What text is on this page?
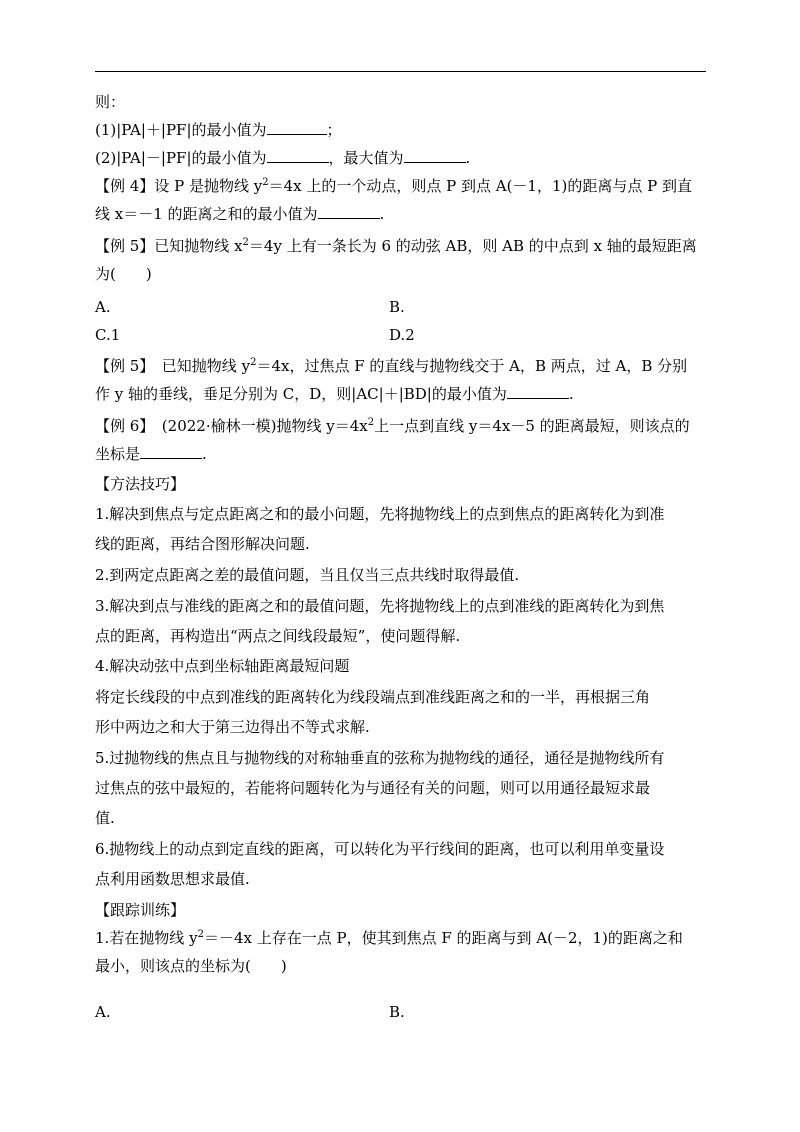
则：
(1)|PA|＋|PF|的最小值为	；
(2)|PA|－|PF|的最小值为	，最大值为	.
【例 4】设 P 是抛物线 $y^2=4x$ 上的一个动点，则点 P 到点 A(－1，1)的距离与点 P 到直
线 x＝－1 的距离之和的最小值为	.
【例 5】已知抛物线 $x^2=4y$ 上有一条长为 6 的动弦 AB，则 AB 的中点到 x 轴的最短距离
为(　　)
A.	B.
C.1	D.2
【例 5】　已知抛物线 $y^2=4x$，过焦点 F 的直线与抛物线交于 A，B 两点，过 A，B 分别
作 y 轴的垂线，垂足分别为 C，D，则|AC|＋|BD|的最小值为	.
【例 6】　(2022·榆林一模)抛物线 $y=4x^2$上一点到直线 y＝4x－5 的距离最短，则该点的
坐标是	.
【方法技巧】
1.解决到焦点与定点距离之和的最小问题，先将抛物线上的点到焦点的距离转化为到准
线的距离，再结合图形解决问题.
2.到两定点距离之差的最值问题，当且仅当三点共线时取得最值.
3.解决到点与准线的距离之和的最值问题，先将抛物线上的点到准线的距离转化为到焦
点的距离，再构造出“两点之间线段最短”，使问题得解.
4.解决动弦中点到坐标轴距离最短问题
将定长线段的中点到准线的距离转化为线段端点到准线距离之和的一半，再根据三角
形中两边之和大于第三边得出不等式求解.
5.过抛物线的焦点且与抛物线的对称轴垂直的弦称为抛物线的通径，通径是抛物线所有
过焦点的弦中最短的，若能将问题转化为与通径有关的问题，则可以用通径最短求最
值.
6.抛物线上的动点到定直线的距离，可以转化为平行线间的距离，也可以利用单变量设
点利用函数思想求最值.
【跟踪训练】
1.若在抛物线 $y^2=-4x$ 上存在一点 P，使其到焦点 F 的距离与到 A(－2，1)的距离之和
最小，则该点的坐标为(　　)
A.	B.
